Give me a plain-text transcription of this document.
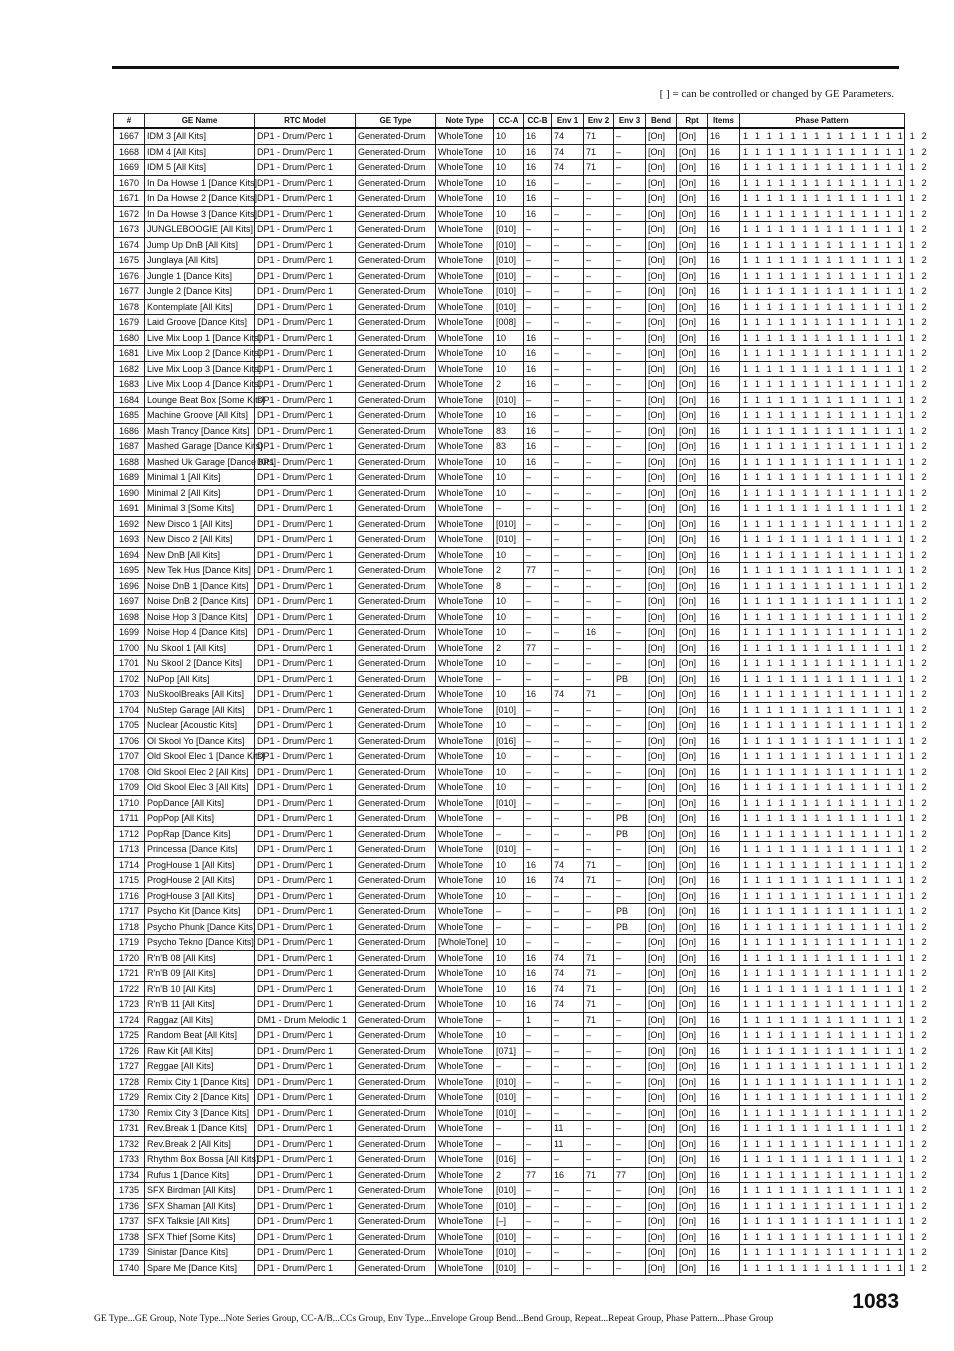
[ ] = can be controlled or changed by GE Parameters.
#	GE Name	RTC Model	GE Type	Note Type	CC-A	CC-B	Env 1	Env 2	Env 3	Bend	Rpt	Items	Phase Pattern
1667	IDM 3 [All Kits]	DP1 - Drum/Perc 1	Generated-Drum	WholeTone	10	16	74	71	–	[On]	[On]	16	1 1 1 1 1 1 1 1 1 1 1 1 1 1 1 2
1668	IDM 4 [All Kits]	DP1 - Drum/Perc 1	Generated-Drum	WholeTone	10	16	74	71	–	[On]	[On]	16	1 1 1 1 1 1 1 1 1 1 1 1 1 1 1 2
1669	IDM 5 [All Kits]	DP1 - Drum/Perc 1	Generated-Drum	WholeTone	10	16	74	71	–	[On]	[On]	16	1 1 1 1 1 1 1 1 1 1 1 1 1 1 1 2
1670	In Da Howse 1 [Dance Kits]	DP1 - Drum/Perc 1	Generated-Drum	WholeTone	10	16	–	–	–	[On]	[On]	16	1 1 1 1 1 1 1 1 1 1 1 1 1 1 1 2
1671	In Da Howse 2 [Dance Kits]	DP1 - Drum/Perc 1	Generated-Drum	WholeTone	10	16	–	–	–	[On]	[On]	16	1 1 1 1 1 1 1 1 1 1 1 1 1 1 1 2
1672	In Da Howse 3 [Dance Kits]	DP1 - Drum/Perc 1	Generated-Drum	WholeTone	10	16	–	–	–	[On]	[On]	16	1 1 1 1 1 1 1 1 1 1 1 1 1 1 1 2
1673	JUNGLEBOOGIE [All Kits]	DP1 - Drum/Perc 1	Generated-Drum	WholeTone	[010]	–	–	–	–	[On]	[On]	16	1 1 1 1 1 1 1 1 1 1 1 1 1 1 1 2
1674	Jump Up DnB [All Kits]	DP1 - Drum/Perc 1	Generated-Drum	WholeTone	[010]	–	–	–	–	[On]	[On]	16	1 1 1 1 1 1 1 1 1 1 1 1 1 1 1 2
1675	Junglaya [All Kits]	DP1 - Drum/Perc 1	Generated-Drum	WholeTone	[010]	–	–	–	–	[On]	[On]	16	1 1 1 1 1 1 1 1 1 1 1 1 1 1 1 2
1676	Jungle 1 [Dance Kits]	DP1 - Drum/Perc 1	Generated-Drum	WholeTone	[010]	–	–	–	–	[On]	[On]	16	1 1 1 1 1 1 1 1 1 1 1 1 1 1 1 2
1677	Jungle 2 [Dance Kits]	DP1 - Drum/Perc 1	Generated-Drum	WholeTone	[010]	–	–	–	–	[On]	[On]	16	1 1 1 1 1 1 1 1 1 1 1 1 1 1 1 2
1678	Kontemplate [All Kits]	DP1 - Drum/Perc 1	Generated-Drum	WholeTone	[010]	–	–	–	–	[On]	[On]	16	1 1 1 1 1 1 1 1 1 1 1 1 1 1 1 2
1679	Laid Groove [Dance Kits]	DP1 - Drum/Perc 1	Generated-Drum	WholeTone	[008]	–	–	–	–	[On]	[On]	16	1 1 1 1 1 1 1 1 1 1 1 1 1 1 1 2
1680	Live Mix Loop 1 [Dance Kits]	DP1 - Drum/Perc 1	Generated-Drum	WholeTone	10	16	–	–	–	[On]	[On]	16	1 1 1 1 1 1 1 1 1 1 1 1 1 1 1 2
1681	Live Mix Loop 2 [Dance Kits]	DP1 - Drum/Perc 1	Generated-Drum	WholeTone	10	16	–	–	–	[On]	[On]	16	1 1 1 1 1 1 1 1 1 1 1 1 1 1 1 2
1682	Live Mix Loop 3 [Dance Kits]	DP1 - Drum/Perc 1	Generated-Drum	WholeTone	10	16	–	–	–	[On]	[On]	16	1 1 1 1 1 1 1 1 1 1 1 1 1 1 1 2
1683	Live Mix Loop 4 [Dance Kits]	DP1 - Drum/Perc 1	Generated-Drum	WholeTone	2	16	–	–	–	[On]	[On]	16	1 1 1 1 1 1 1 1 1 1 1 1 1 1 1 2
1684	Lounge Beat Box [Some Kits]	DP1 - Drum/Perc 1	Generated-Drum	WholeTone	[010]	–	–	–	–	[On]	[On]	16	1 1 1 1 1 1 1 1 1 1 1 1 1 1 1 2
1685	Machine Groove [All Kits]	DP1 - Drum/Perc 1	Generated-Drum	WholeTone	10	16	–	–	–	[On]	[On]	16	1 1 1 1 1 1 1 1 1 1 1 1 1 1 1 2
1686	Mash Trancy [Dance Kits]	DP1 - Drum/Perc 1	Generated-Drum	WholeTone	83	16	–	–	–	[On]	[On]	16	1 1 1 1 1 1 1 1 1 1 1 1 1 1 1 2
1687	Mashed Garage [Dance Kits]	DP1 - Drum/Perc 1	Generated-Drum	WholeTone	83	16	–	–	–	[On]	[On]	16	1 1 1 1 1 1 1 1 1 1 1 1 1 1 1 2
1688	Mashed Uk Garage [Dance Kits]	DP1 - Drum/Perc 1	Generated-Drum	WholeTone	10	16	–	–	–	[On]	[On]	16	1 1 1 1 1 1 1 1 1 1 1 1 1 1 1 2
1689	Minimal 1 [All Kits]	DP1 - Drum/Perc 1	Generated-Drum	WholeTone	10	–	–	–	–	[On]	[On]	16	1 1 1 1 1 1 1 1 1 1 1 1 1 1 1 2
1690	Minimal 2 [All Kits]	DP1 - Drum/Perc 1	Generated-Drum	WholeTone	10	–	–	–	–	[On]	[On]	16	1 1 1 1 1 1 1 1 1 1 1 1 1 1 1 2
1691	Minimal 3 [Some Kits]	DP1 - Drum/Perc 1	Generated-Drum	WholeTone	–	–	–	–	–	[On]	[On]	16	1 1 1 1 1 1 1 1 1 1 1 1 1 1 1 2
1692	New Disco 1 [All Kits]	DP1 - Drum/Perc 1	Generated-Drum	WholeTone	[010]	–	–	–	–	[On]	[On]	16	1 1 1 1 1 1 1 1 1 1 1 1 1 1 1 2
1693	New Disco 2 [All Kits]	DP1 - Drum/Perc 1	Generated-Drum	WholeTone	[010]	–	–	–	–	[On]	[On]	16	1 1 1 1 1 1 1 1 1 1 1 1 1 1 1 2
1694	New DnB [All Kits]	DP1 - Drum/Perc 1	Generated-Drum	WholeTone	10	–	–	–	–	[On]	[On]	16	1 1 1 1 1 1 1 1 1 1 1 1 1 1 1 2
1695	New Tek Hus [Dance Kits]	DP1 - Drum/Perc 1	Generated-Drum	WholeTone	2	77	–	–	–	[On]	[On]	16	1 1 1 1 1 1 1 1 1 1 1 1 1 1 1 2
1696	Noise DnB 1 [Dance Kits]	DP1 - Drum/Perc 1	Generated-Drum	WholeTone	8	–	–	–	–	[On]	[On]	16	1 1 1 1 1 1 1 1 1 1 1 1 1 1 1 2
1697	Noise DnB 2 [Dance Kits]	DP1 - Drum/Perc 1	Generated-Drum	WholeTone	10	–	–	–	–	[On]	[On]	16	1 1 1 1 1 1 1 1 1 1 1 1 1 1 1 2
1698	Noise Hop 3 [Dance Kits]	DP1 - Drum/Perc 1	Generated-Drum	WholeTone	10	–	–	–	–	[On]	[On]	16	1 1 1 1 1 1 1 1 1 1 1 1 1 1 1 2
1699	Noise Hop 4 [Dance Kits]	DP1 - Drum/Perc 1	Generated-Drum	WholeTone	10	–	–	16	–	[On]	[On]	16	1 1 1 1 1 1 1 1 1 1 1 1 1 1 1 2
1700	Nu Skool 1 [All Kits]	DP1 - Drum/Perc 1	Generated-Drum	WholeTone	2	77	–	–	–	[On]	[On]	16	1 1 1 1 1 1 1 1 1 1 1 1 1 1 1 2
1701	Nu Skool 2 [Dance Kits]	DP1 - Drum/Perc 1	Generated-Drum	WholeTone	10	–	–	–	–	[On]	[On]	16	1 1 1 1 1 1 1 1 1 1 1 1 1 1 1 2
1702	NuPop [All Kits]	DP1 - Drum/Perc 1	Generated-Drum	WholeTone	–	–	–	–	PB	[On]	[On]	16	1 1 1 1 1 1 1 1 1 1 1 1 1 1 1 2
1703	NuSkoolBreaks [All Kits]	DP1 - Drum/Perc 1	Generated-Drum	WholeTone	10	16	74	71	–	[On]	[On]	16	1 1 1 1 1 1 1 1 1 1 1 1 1 1 1 2
1704	NuStep Garage [All Kits]	DP1 - Drum/Perc 1	Generated-Drum	WholeTone	[010]	–	–	–	–	[On]	[On]	16	1 1 1 1 1 1 1 1 1 1 1 1 1 1 1 2
1705	Nuclear [Acoustic Kits]	DP1 - Drum/Perc 1	Generated-Drum	WholeTone	10	–	–	–	–	[On]	[On]	16	1 1 1 1 1 1 1 1 1 1 1 1 1 1 1 2
1706	Ol Skool Yo [Dance Kits]	DP1 - Drum/Perc 1	Generated-Drum	WholeTone	[016]	–	–	–	–	[On]	[On]	16	1 1 1 1 1 1 1 1 1 1 1 1 1 1 1 2
1707	Old Skool Elec 1 [Dance Kits]	DP1 - Drum/Perc 1	Generated-Drum	WholeTone	10	–	–	–	–	[On]	[On]	16	1 1 1 1 1 1 1 1 1 1 1 1 1 1 1 2
1708	Old Skool Elec 2 [All Kits]	DP1 - Drum/Perc 1	Generated-Drum	WholeTone	10	–	–	–	–	[On]	[On]	16	1 1 1 1 1 1 1 1 1 1 1 1 1 1 1 2
1709	Old Skool Elec 3 [All Kits]	DP1 - Drum/Perc 1	Generated-Drum	WholeTone	10	–	–	–	–	[On]	[On]	16	1 1 1 1 1 1 1 1 1 1 1 1 1 1 1 2
1710	PopDance [All Kits]	DP1 - Drum/Perc 1	Generated-Drum	WholeTone	[010]	–	–	–	–	[On]	[On]	16	1 1 1 1 1 1 1 1 1 1 1 1 1 1 1 2
1711	PopPop [All Kits]	DP1 - Drum/Perc 1	Generated-Drum	WholeTone	–	–	–	–	PB	[On]	[On]	16	1 1 1 1 1 1 1 1 1 1 1 1 1 1 1 2
1712	PopRap [Dance Kits]	DP1 - Drum/Perc 1	Generated-Drum	WholeTone	–	–	–	–	PB	[On]	[On]	16	1 1 1 1 1 1 1 1 1 1 1 1 1 1 1 2
1713	Princessa [Dance Kits]	DP1 - Drum/Perc 1	Generated-Drum	WholeTone	[010]	–	–	–	–	[On]	[On]	16	1 1 1 1 1 1 1 1 1 1 1 1 1 1 1 2
1714	ProgHouse 1 [All Kits]	DP1 - Drum/Perc 1	Generated-Drum	WholeTone	10	16	74	71	–	[On]	[On]	16	1 1 1 1 1 1 1 1 1 1 1 1 1 1 1 2
1715	ProgHouse 2 [All Kits]	DP1 - Drum/Perc 1	Generated-Drum	WholeTone	10	16	74	71	–	[On]	[On]	16	1 1 1 1 1 1 1 1 1 1 1 1 1 1 1 2
1716	ProgHouse 3 [All Kits]	DP1 - Drum/Perc 1	Generated-Drum	WholeTone	10	–	–	–	–	[On]	[On]	16	1 1 1 1 1 1 1 1 1 1 1 1 1 1 1 2
1717	Psycho Kit [Dance Kits]	DP1 - Drum/Perc 1	Generated-Drum	WholeTone	–	–	–	–	PB	[On]	[On]	16	1 1 1 1 1 1 1 1 1 1 1 1 1 1 1 2
1718	Psycho Phunk [Dance Kits]	DP1 - Drum/Perc 1	Generated-Drum	WholeTone	–	–	–	–	PB	[On]	[On]	16	1 1 1 1 1 1 1 1 1 1 1 1 1 1 1 2
1719	Psycho Tekno [Dance Kits]	DP1 - Drum/Perc 1	Generated-Drum	[WholeTone]	10	–	–	–	–	[On]	[On]	16	1 1 1 1 1 1 1 1 1 1 1 1 1 1 1 2
1720	R'n'B 08 [All Kits]	DP1 - Drum/Perc 1	Generated-Drum	WholeTone	10	16	74	71	–	[On]	[On]	16	1 1 1 1 1 1 1 1 1 1 1 1 1 1 1 2
1721	R'n'B 09 [All Kits]	DP1 - Drum/Perc 1	Generated-Drum	WholeTone	10	16	74	71	–	[On]	[On]	16	1 1 1 1 1 1 1 1 1 1 1 1 1 1 1 2
1722	R'n'B 10 [All Kits]	DP1 - Drum/Perc 1	Generated-Drum	WholeTone	10	16	74	71	–	[On]	[On]	16	1 1 1 1 1 1 1 1 1 1 1 1 1 1 1 2
1723	R'n'B 11 [All Kits]	DP1 - Drum/Perc 1	Generated-Drum	WholeTone	10	16	74	71	–	[On]	[On]	16	1 1 1 1 1 1 1 1 1 1 1 1 1 1 1 2
1724	Raggaz [All Kits]	DM1 - Drum Melodic 1	Generated-Drum	WholeTone	–	1	–	71	–	[On]	[On]	16	1 1 1 1 1 1 1 1 1 1 1 1 1 1 1 2
1725	Random Beat [All Kits]	DP1 - Drum/Perc 1	Generated-Drum	WholeTone	10	–	–	–	–	[On]	[On]	16	1 1 1 1 1 1 1 1 1 1 1 1 1 1 1 2
1726	Raw Kit [All Kits]	DP1 - Drum/Perc 1	Generated-Drum	WholeTone	[071]	–	–	–	–	[On]	[On]	16	1 1 1 1 1 1 1 1 1 1 1 1 1 1 1 2
1727	Reggae [All Kits]	DP1 - Drum/Perc 1	Generated-Drum	WholeTone	–	–	–	–	–	[On]	[On]	16	1 1 1 1 1 1 1 1 1 1 1 1 1 1 1 2
1728	Remix City 1 [Dance Kits]	DP1 - Drum/Perc 1	Generated-Drum	WholeTone	[010]	–	–	–	–	[On]	[On]	16	1 1 1 1 1 1 1 1 1 1 1 1 1 1 1 2
1729	Remix City 2 [Dance Kits]	DP1 - Drum/Perc 1	Generated-Drum	WholeTone	[010]	–	–	–	–	[On]	[On]	16	1 1 1 1 1 1 1 1 1 1 1 1 1 1 1 2
1730	Remix City 3 [Dance Kits]	DP1 - Drum/Perc 1	Generated-Drum	WholeTone	[010]	–	–	–	–	[On]	[On]	16	1 1 1 1 1 1 1 1 1 1 1 1 1 1 1 2
1731	Rev.Break 1 [Dance Kits]	DP1 - Drum/Perc 1	Generated-Drum	WholeTone	–	–	11	–	–	[On]	[On]	16	1 1 1 1 1 1 1 1 1 1 1 1 1 1 1 2
1732	Rev.Break 2 [All Kits]	DP1 - Drum/Perc 1	Generated-Drum	WholeTone	–	–	11	–	–	[On]	[On]	16	1 1 1 1 1 1 1 1 1 1 1 1 1 1 1 2
1733	Rhythm Box Bossa [All Kits]	DP1 - Drum/Perc 1	Generated-Drum	WholeTone	[016]	–	–	–	–	[On]	[On]	16	1 1 1 1 1 1 1 1 1 1 1 1 1 1 1 2
1734	Rufus 1 [Dance Kits]	DP1 - Drum/Perc 1	Generated-Drum	WholeTone	2	77	16	71	77	[On]	[On]	16	1 1 1 1 1 1 1 1 1 1 1 1 1 1 1 2
1735	SFX Birdman [All Kits]	DP1 - Drum/Perc 1	Generated-Drum	WholeTone	[010]	–	–	–	–	[On]	[On]	16	1 1 1 1 1 1 1 1 1 1 1 1 1 1 1 2
1736	SFX Shaman [All Kits]	DP1 - Drum/Perc 1	Generated-Drum	WholeTone	[010]	–	–	–	–	[On]	[On]	16	1 1 1 1 1 1 1 1 1 1 1 1 1 1 1 2
1737	SFX Talksie [All Kits]	DP1 - Drum/Perc 1	Generated-Drum	WholeTone	[–]	–	–	–	–	[On]	[On]	16	1 1 1 1 1 1 1 1 1 1 1 1 1 1 1 2
1738	SFX Thief [Some Kits]	DP1 - Drum/Perc 1	Generated-Drum	WholeTone	[010]	–	–	–	–	[On]	[On]	16	1 1 1 1 1 1 1 1 1 1 1 1 1 1 1 2
1739	Sinistar [Dance Kits]	DP1 - Drum/Perc 1	Generated-Drum	WholeTone	[010]	–	–	–	–	[On]	[On]	16	1 1 1 1 1 1 1 1 1 1 1 1 1 1 1 2
1740	Spare Me [Dance Kits]	DP1 - Drum/Perc 1	Generated-Drum	WholeTone	[010]	–	–	–	–	[On]	[On]	16	1 1 1 1 1 1 1 1 1 1 1 1 1 1 1 2
1083
GE Type...GE Group, Note Type...Note Series Group, CC-A/B...CCs Group, Env Type...Envelope Group Bend...Bend Group, Repeat...Repeat Group, Phase Pattern...Phase Group
